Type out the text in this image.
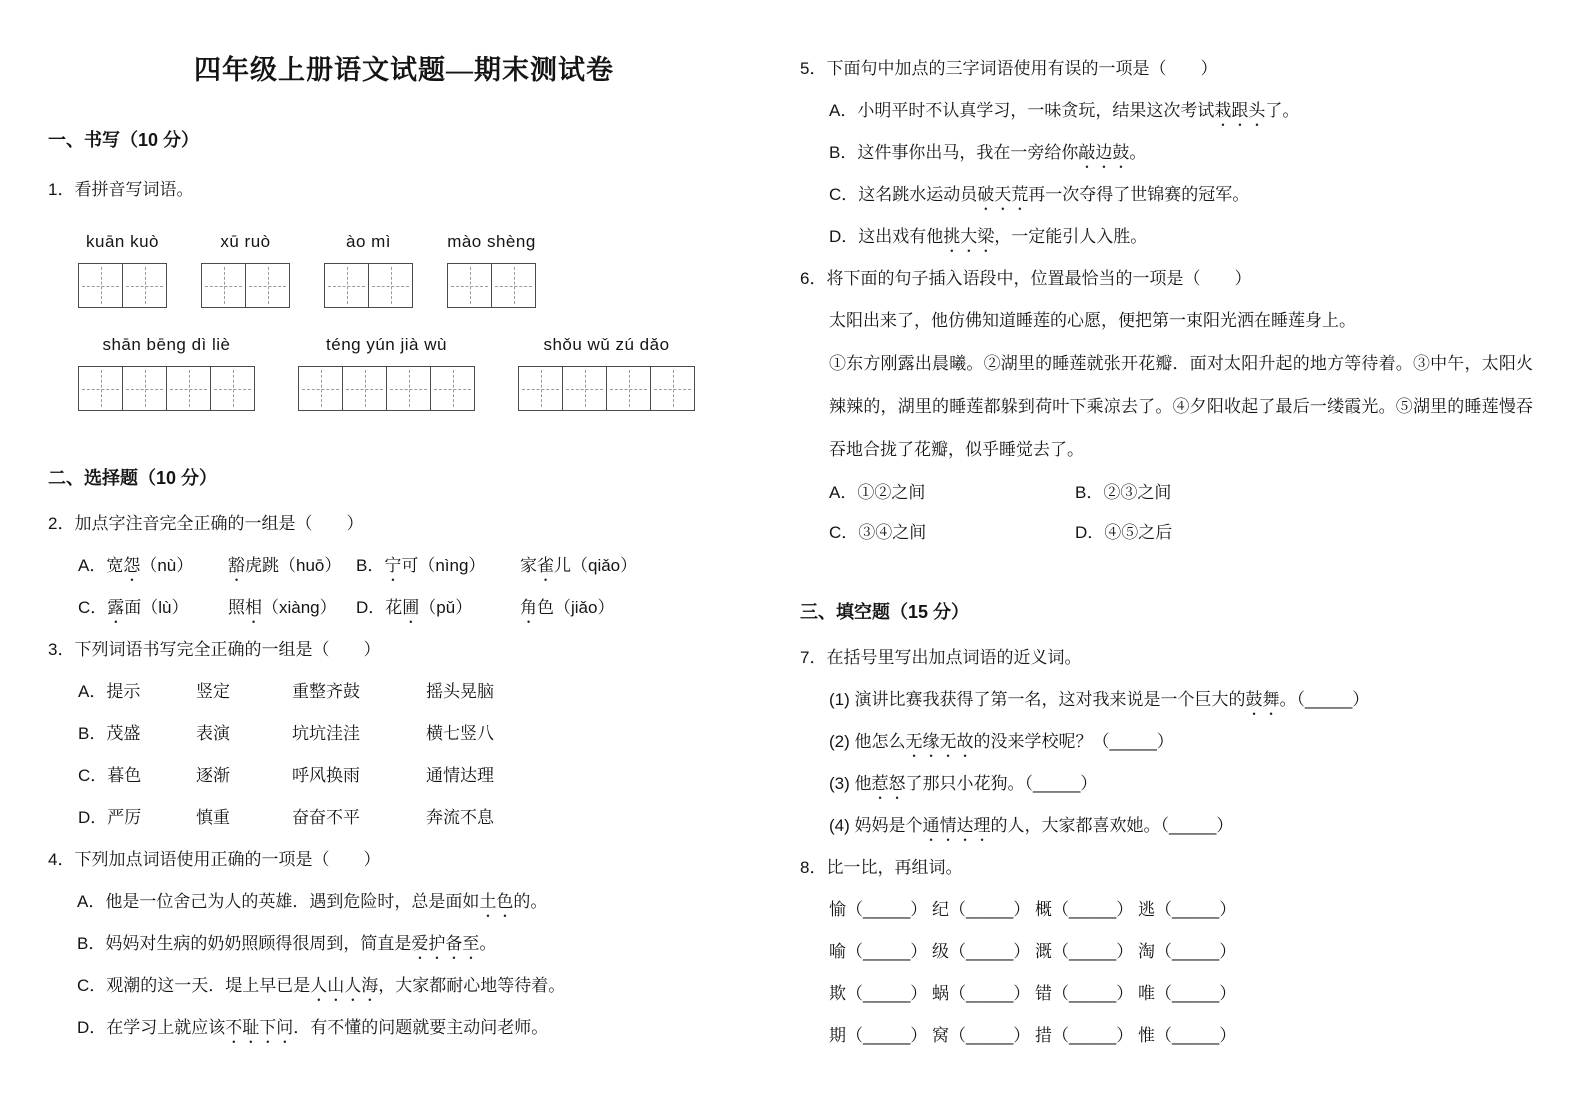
四年级上册语文试题—期末测试卷
一、书写（10 分）
1．看拼音写词语。
kuān kuò	xū ruò	ào mì	mào shèng
shān bēng dì liè	téng yún jià wù	shǒu wǔ zú dǎo
二、选择题（10 分）
2．加点字注音完全正确的一组是（　　）
A．宽怨（nù）	豁虎跳（huō） B．宁可（nìng）	家雀儿（qiǎo）
C．露面（lù）	照相（xiàng）	D．花圃（pǔ）	角色（jiǎo）
3．下列词语书写完全正确的一组是（　　）
A．提示	竖定	重整齐鼓	摇头晃脑
B．茂盛	表演	坑坑洼洼	横七竖八
C．暮色	逐渐	呼风换雨	通情达理
D．严厉	慎重	奋奋不平	奔流不息
4．下列加点词语使用正确的一项是（　　）
A．他是一位舍己为人的英雄．遇到危险时，总是面如土色的。
B．妈妈对生病的奶奶照顾得很周到，简直是爱护备至。
C．观潮的这一天．堤上早已是人山人海，大家都耐心地等待着。
D．在学习上就应该不耻下问．有不懂的问题就要主动问老师。
5．下面句中加点的三字词语使用有误的一项是（　　）
A．小明平时不认真学习，一味贪玩，结果这次考试栽跟头了。
B．这件事你出马，我在一旁给你敲边鼓。
C．这名跳水运动员破天荒再一次夺得了世锦赛的冠军。
D．这出戏有他挑大梁，一定能引人入胜。
6．将下面的句子插入语段中，位置最恰当的一项是（　　）
太阳出来了，他仿佛知道睡莲的心愿，便把第一束阳光洒在睡莲身上。
①东方刚露出晨曦。②湖里的睡莲就张开花瓣．面对太阳升起的地方等待着。③中午，太阳火辣辣的，湖里的睡莲都躲到荷叶下乘凉去了。④夕阳收起了最后一缕霞光。⑤湖里的睡莲慢吞吞地合拢了花瓣，似乎睡觉去了。
A．①②之间	B．②③之间
C．③④之间	D．④⑤之后
三、填空题（15 分）
7．在括号里写出加点词语的近义词。
(1) 演讲比赛我获得了第一名，这对我来说是一个巨大的鼓舞。（_____）
(2) 他怎么无缘无故的没来学校呢？（_____）
(3) 他惹怒了那只小花狗。（_____）
(4) 妈妈是个通情达理的人，大家都喜欢她。（_____）
8．比一比，再组词。
愉（_____） 纪（_____） 概（_____） 逃（_____）
喻（_____） 级（_____） 溉（_____） 淘（_____）
欺（_____） 蜗（_____） 错（_____） 唯（_____）
期（_____） 窝（_____） 措（_____） 惟（_____）
